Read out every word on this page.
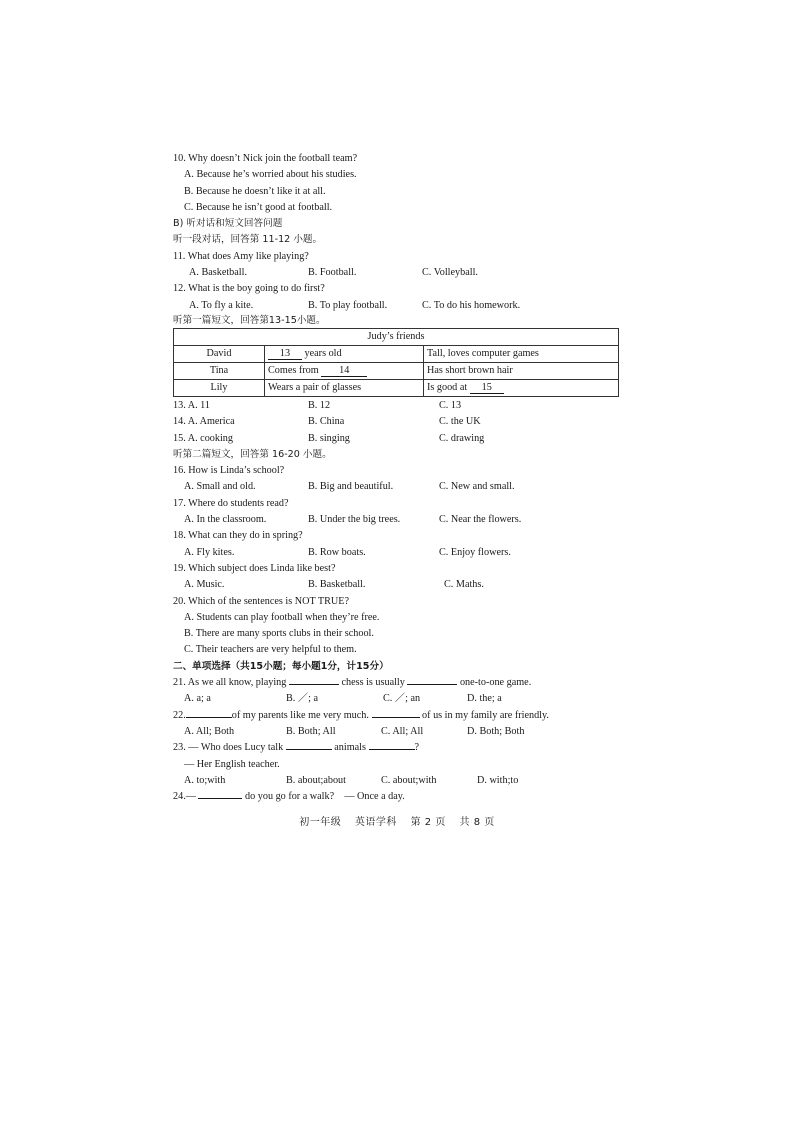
10. Why doesn’t Nick join the football team?
A. Because he’s worried about his studies.
B. Because he doesn’t like it at all.
C. Because he isn’t good at football.
B) 听对话和短文回答问题
听一段对话，回答第 11-12 小题。
11. What does Amy like playing?
A. Basketball.	B. Football.	C. Volleyball.
12. What is the boy going to do first?
A. To fly a kite.	B. To play football.	C. To do his homework.
听第一篇短文，回答第13-15小题。
Judy’s friends		
David	13 years old	Tall, loves computer games
Tina	Comes from 14	Has short brown hair
Lily	Wears a pair of glasses	Is good at 15
13. A. 11	B. 12	C. 13
14. A. America	B. China	C. the UK
15. A. cooking	B. singing	C. drawing
听第二篇短文，回答第 16-20 小题。
16. How is Linda’s school?
A. Small and old.	B. Big and beautiful.	C. New and small.
17. Where do students read?
A. In the classroom.	B. Under the big trees.	C. Near the flowers.
18. What can they do in spring?
A. Fly kites.	B. Row boats.	C. Enjoy flowers.
19. Which subject does Linda like best?
A. Music.	B. Basketball.	C. Maths.
20. Which of the sentences is NOT TRUE?
A. Students can play football when they’re free.
B. There are many sports clubs in their school.
C. Their teachers are very helpful to them.
二、单项选择（共15小题；每小题1分，计15分）
21. As we all know, playing	chess is usually	one-to-one game.
A. a; a	B. ／; a	C. ／; an	D. the; a
22.	of my parents like me very much.	of us in my family are friendly.
A. All; Both	B. Both; All	C. All; All	D. Both; Both
23. — Who does Lucy talk	animals	?
— Her English teacher.
A. to;with	B. about;about	C. about;with	D. with;to
24.—	do you go for a walk?　— Once a day.
初一年级 英语学科 第 2 页 共 8 页
